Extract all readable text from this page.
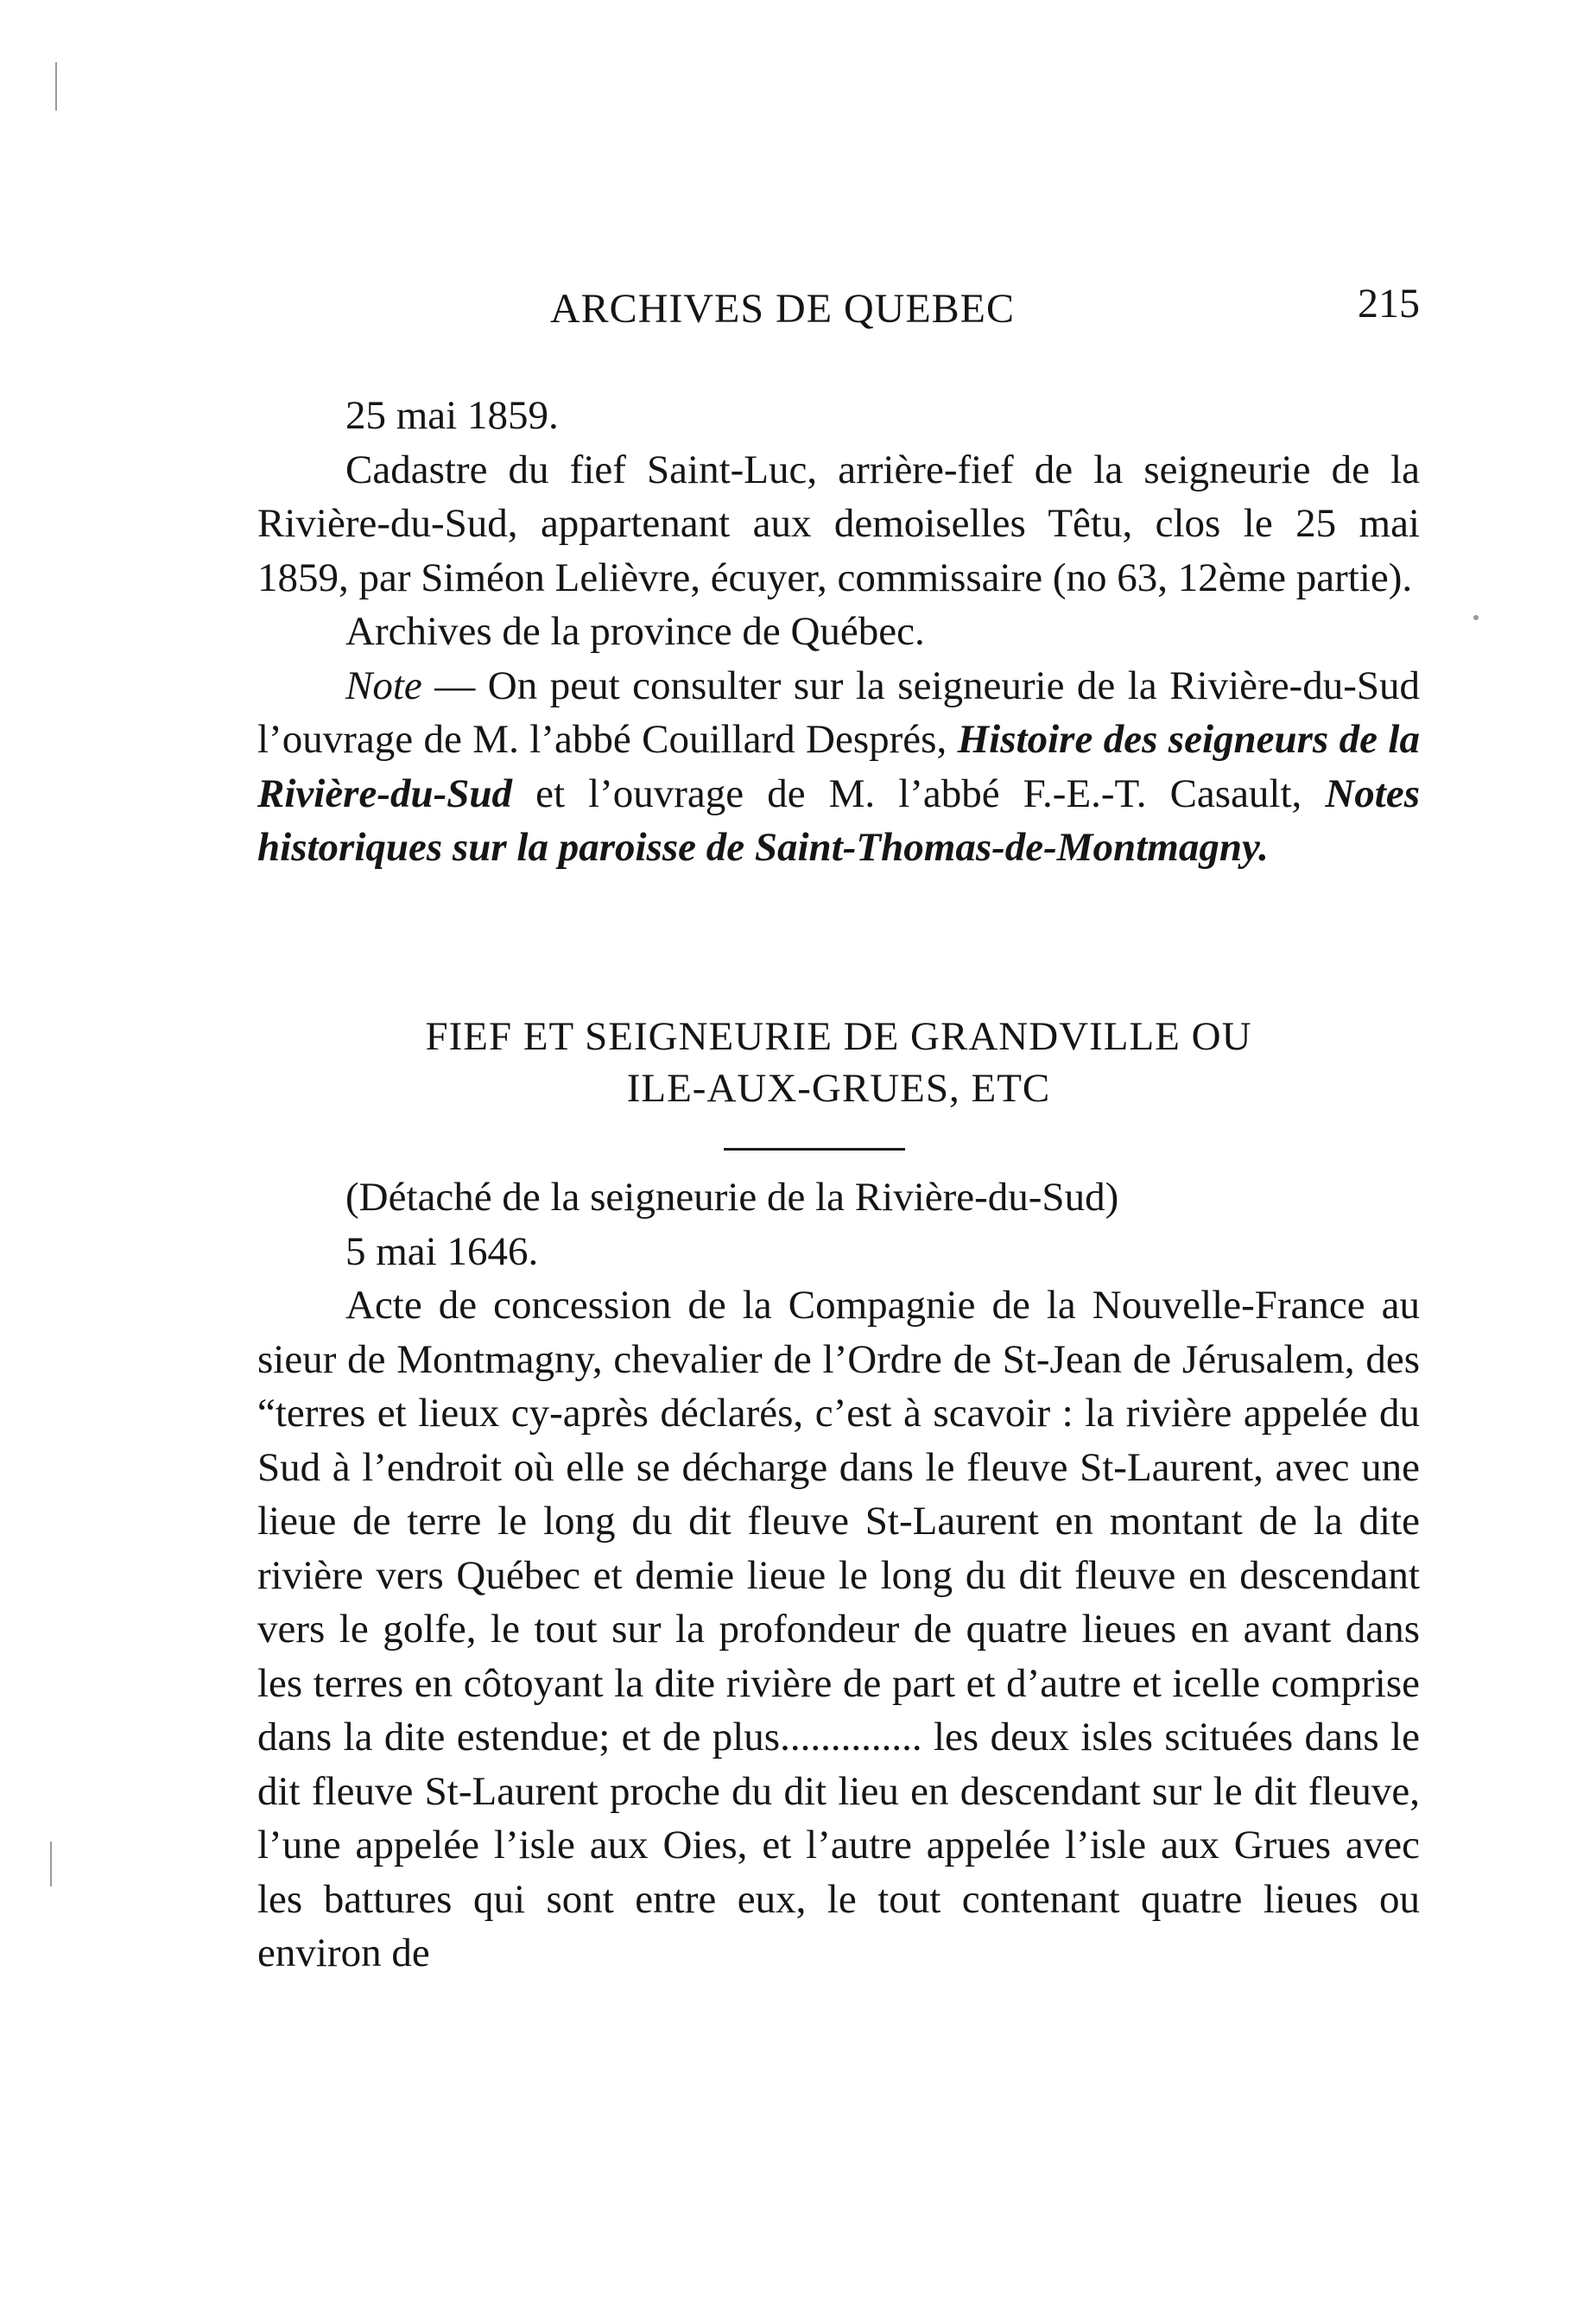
ARCHIVES DE QUEBEC	215

25 mai 1859.

Cadastre du fief Saint-Luc, arrière-fief de la seigneurie de la Rivière-du-Sud, appartenant aux demoiselles Têtu, clos le 25 mai 1859, par Siméon Lelièvre, écuyer, commissaire (no 63, 12ème partie).

Archives de la province de Québec.

Note — On peut consulter sur la seigneurie de la Rivière-du-Sud l’ouvrage de M. l’abbé Couillard Després, Histoire des seigneurs de la Rivière-du-Sud et l’ouvrage de M. l’abbé F.-E.-T. Casault, Notes historiques sur la paroisse de Saint-Thomas-de-Montmagny.

FIEF ET SEIGNEURIE DE GRANDVILLE OU
ILE-AUX-GRUES, ETC

(Détaché de la seigneurie de la Rivière-du-Sud)

5 mai 1646.

Acte de concession de la Compagnie de la Nouvelle-France au sieur de Montmagny, chevalier de l’Ordre de St-Jean de Jérusalem, des “terres et lieux cy-après déclarés, c’est à scavoir : la rivière appelée du Sud à l’endroit où elle se décharge dans le fleuve St-Laurent, avec une lieue de terre le long du dit fleuve St-Laurent en montant de la dite rivière vers Québec et demie lieue le long du dit fleuve en descendant vers le golfe, le tout sur la profondeur de quatre lieues en avant dans les terres en côtoyant la dite rivière de part et d’autre et icelle comprise dans la dite estendue; et de plus.............. les deux isles scituées dans le dit fleuve St-Laurent proche du dit lieu en descendant sur le dit fleuve, l’une appelée l’isle aux Oies, et l’autre appelée l’isle aux Grues avec les battures qui sont entre eux, le tout contenant quatre lieues ou environ de
